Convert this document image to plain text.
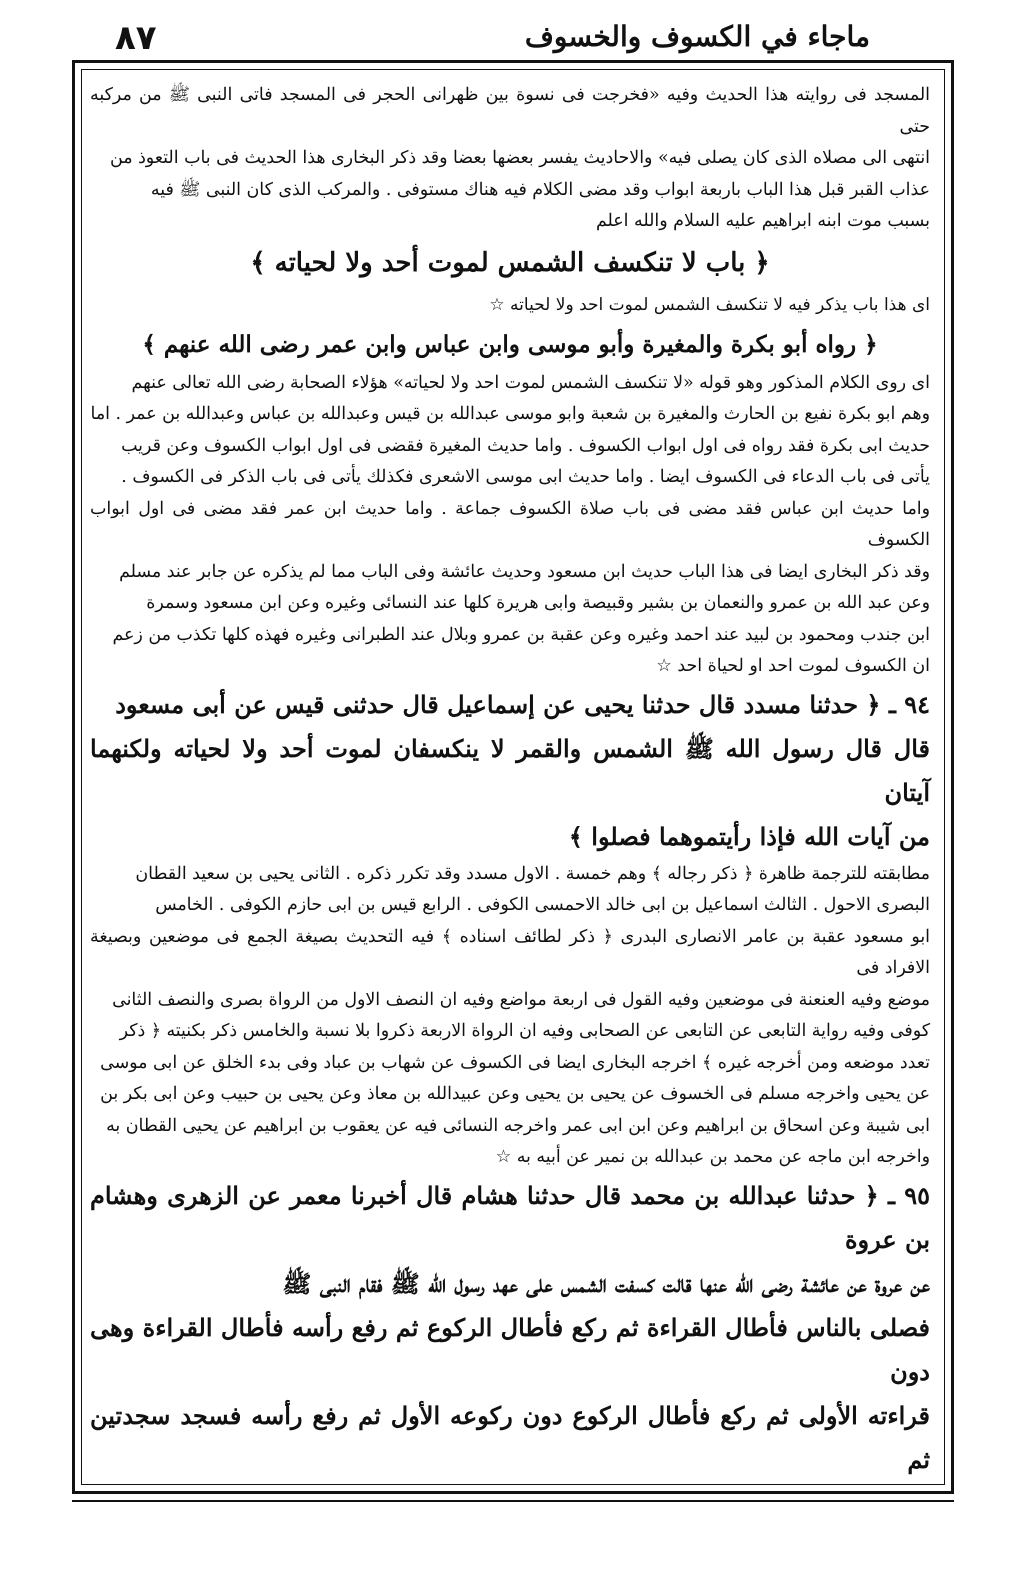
٨٧	ماجاء في الكسوف والخسوف

المسجد فى روايته هذا الحديث وفيه «فخرجت فى نسوة بين ظهرانى الحجر فى المسجد فاتى النبى ﷺ من مركبه حتى

انتهى الى مصلاه الذى كان يصلى فيه» والاحاديث يفسر بعضها بعضا وقد ذكر البخارى هذا الحديث فى باب التعوذ من

عذاب القبر قبل هذا الباب باربعة ابواب وقد مضى الكلام فيه هناك مستوفى . والمركب الذى كان النبى ﷺ فيه

بسبب موت ابنه ابراهيم عليه السلام والله اعلم

﴿ باب لا تنكسف الشمس لموت أحد ولا لحياته ﴾

اى هذا باب يذكر فيه لا تنكسف الشمس لموت احد ولا لحياته ☆

﴿ رواه أبو بكرة والمغيرة وأبو موسى وابن عباس وابن عمر رضى الله عنهم ﴾

اى روى الكلام المذكور وهو قوله «لا تنكسف الشمس لموت احد ولا لحياته» هؤلاء الصحابة رضى الله تعالى عنهم

وهم ابو بكرة نفيع بن الحارث والمغيرة بن شعبة وابو موسى عبدالله بن قيس وعبدالله بن عباس وعبدالله بن عمر . اما

حديث ابى بكرة فقد رواه فى اول ابواب الكسوف . واما حديث المغيرة فقضى فى اول ابواب الكسوف وعن قريب

يأتى فى باب الدعاء فى الكسوف ايضا . واما حديث ابى موسى الاشعرى فكذلك يأتى فى باب الذكر فى الكسوف .

واما حديث ابن عباس فقد مضى فى باب صلاة الكسوف جماعة . واما حديث ابن عمر فقد مضى فى اول ابواب الكسوف

وقد ذكر البخارى ايضا فى هذا الباب حديث ابن مسعود وحديث عائشة وفى الباب مما لم يذكره عن جابر عند مسلم

وعن عبد الله بن عمرو والنعمان بن بشير وقبيصة وابى هريرة كلها عند النسائى وغيره وعن ابن مسعود وسمرة

ابن جندب ومحمود بن لبيد عند احمد وغيره وعن عقبة بن عمرو وبلال عند الطبرانى وغيره فهذه كلها تكذب من زعم

ان الكسوف لموت احد او لحياة احد ☆

٩٤ ـ ﴿ حدثنا مسدد قال حدثنا يحيى عن إسماعيل قال حدثنى قيس عن أبى مسعود

قال قال رسول الله ﷺ الشمس والقمر لا ينكسفان لموت أحد ولا لحياته ولكنهما آيتان

من آيات الله فإذا رأيتموهما فصلوا ﴾

مطابقته للترجمة ظاهرة ﴿ ذكر رجاله ﴾ وهم خمسة . الاول مسدد وقد تكرر ذكره . الثانى يحيى بن سعيد القطان

البصرى الاحول . الثالث اسماعيل بن ابى خالد الاحمسى الكوفى . الرابع قيس بن ابى حازم الكوفى . الخامس

ابو مسعود عقبة بن عامر الانصارى البدرى ﴿ ذكر لطائف اسناده ﴾ فيه التحديث بصيغة الجمع فى موضعين وبصيغة الافراد فى

موضع وفيه العنعنة فى موضعين وفيه القول فى اربعة مواضع وفيه ان النصف الاول من الرواة بصرى والنصف الثانى

كوفى وفيه رواية التابعى عن التابعى عن الصحابى وفيه ان الرواة الاربعة ذكروا بلا نسبة والخامس ذكر بكنيته ﴿ ذكر

تعدد موضعه ومن أخرجه غيره ﴾ اخرجه البخارى ايضا فى الكسوف عن شهاب بن عباد وفى بدء الخلق عن ابى موسى

عن يحيى واخرجه مسلم فى الخسوف عن يحيى بن يحيى وعن عبيدالله بن معاذ وعن يحيى بن حبيب وعن ابى بكر بن

ابى شيبة وعن اسحاق بن ابراهيم وعن ابن ابى عمر واخرجه النسائى فيه عن يعقوب بن ابراهيم عن يحيى القطان به

واخرجه ابن ماجه عن محمد بن عبدالله بن نمير عن أبيه به ☆

٩٥ ـ ﴿ حدثنا عبدالله بن محمد قال حدثنا هشام قال أخبرنا معمر عن الزهرى وهشام بن عروة

عن عروة عن عائشة رضى الله عنها قالت كسفت الشمس على عهد رسول الله ﷺ فقام النبى ﷺ

فصلى بالناس فأطال القراءة ثم ركع فأطال الركوع ثم رفع رأسه فأطال القراءة وهى دون

قراءته الأولى ثم ركع فأطال الركوع دون ركوعه الأول ثم رفع رأسه فسجد سجدتين ثم
